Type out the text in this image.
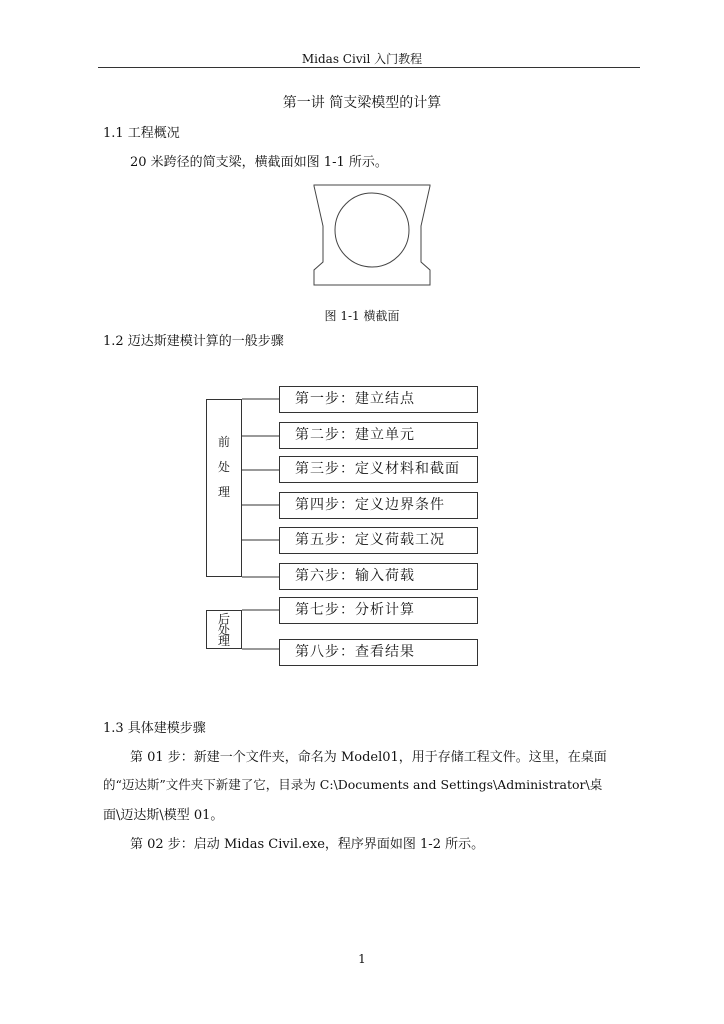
Midas Civil 入门教程
第一讲 简支梁模型的计算
1.1 工程概况
20 米跨径的简支梁，横截面如图 1-1 所示。
图 1-1 横截面
1.2 迈达斯建模计算的一般步骤
前
处
理
后
处
理
第一步：建立结点
第二步：建立单元
第三步：定义材料和截面
第四步：定义边界条件
第五步：定义荷载工况
第六步：输入荷载
第七步：分析计算
第八步：查看结果
1.3 具体建模步骤
第 01 步：新建一个文件夹，命名为 Model01，用于存储工程文件。这里，在桌面
的“迈达斯”文件夹下新建了它，目录为 C:\Documents and Settings\Administrator\桌
面\迈达斯\模型 01。
第 02 步：启动 Midas Civil.exe，程序界面如图 1-2 所示。
1
